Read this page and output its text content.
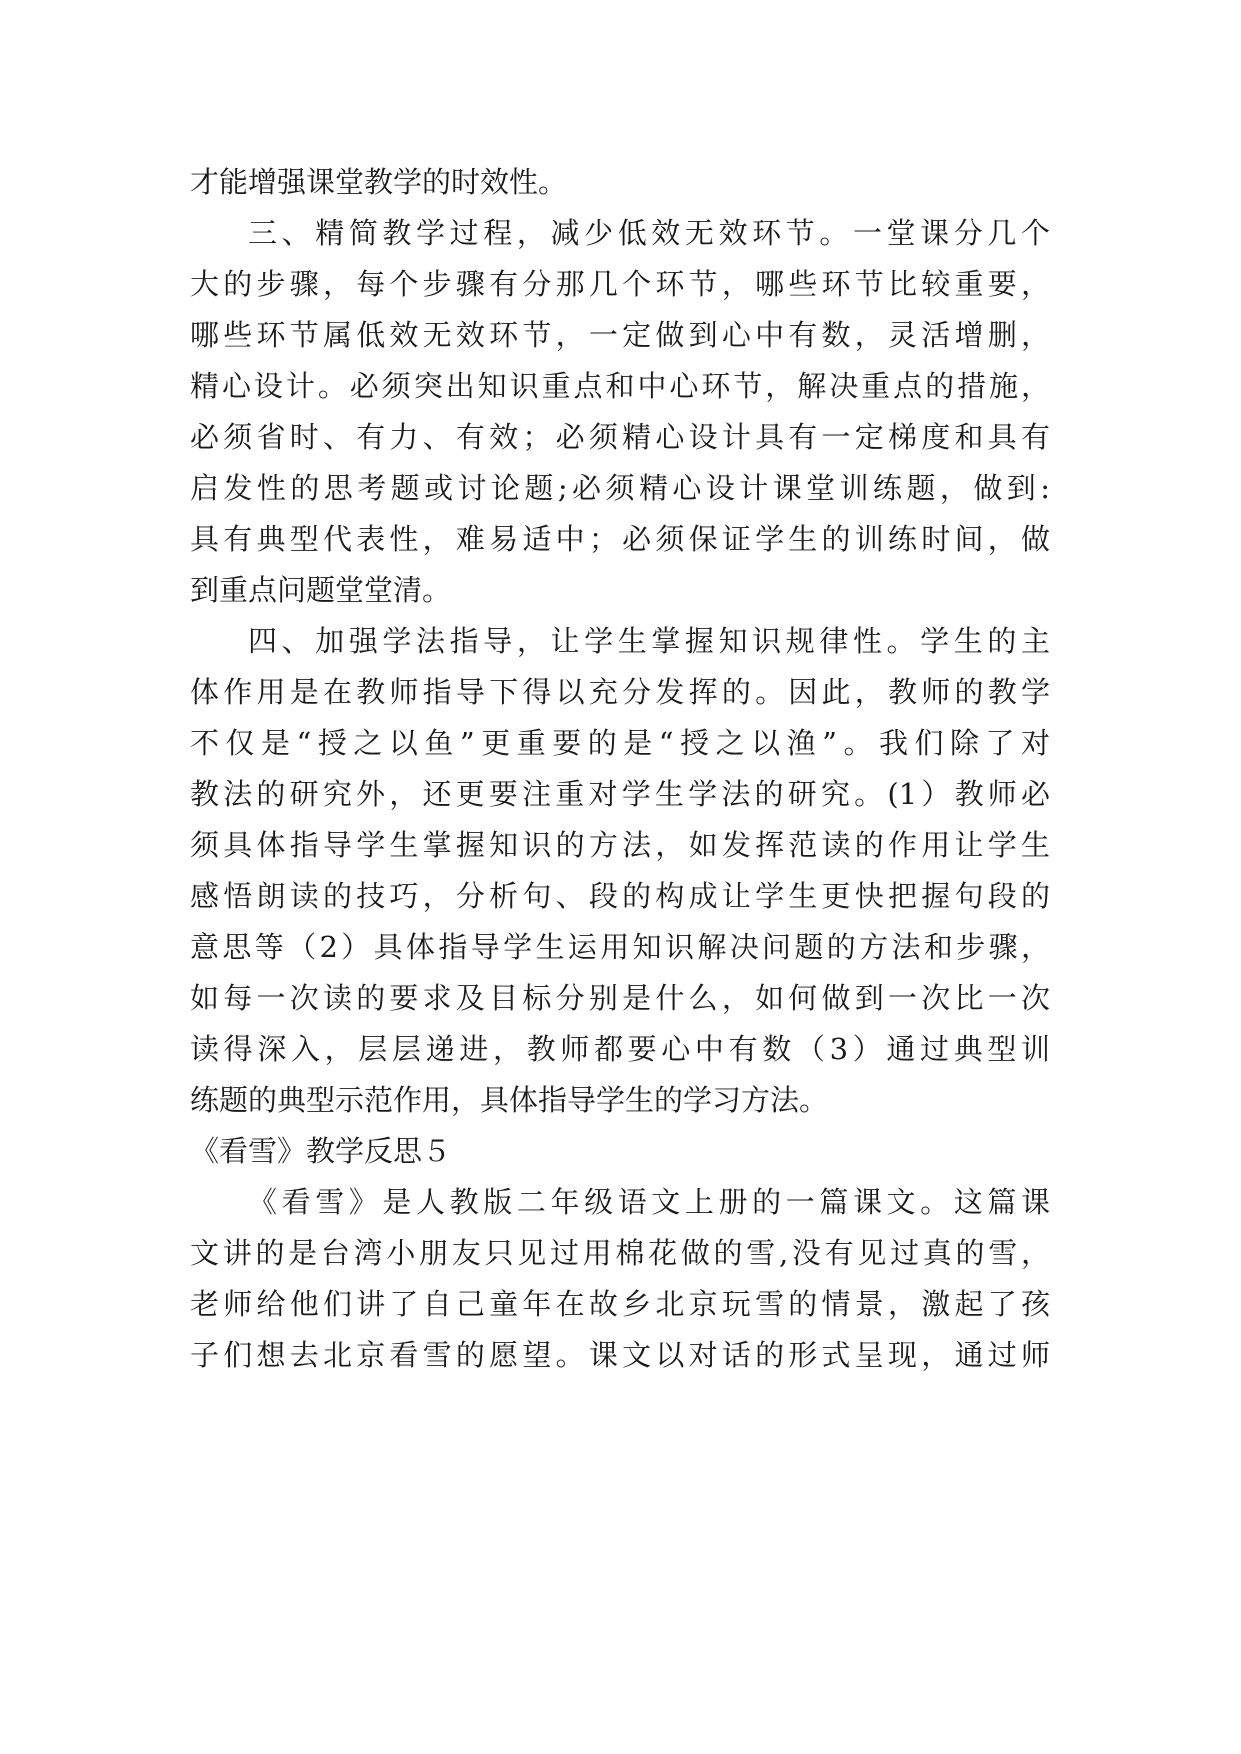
才能增强课堂教学的时效性。
三、精简教学过程，减少低效无效环节。一堂课分几个
大的步骤，每个步骤有分那几个环节，哪些环节比较重要，
哪些环节属低效无效环节，一定做到心中有数，灵活增删，
精心设计。必须突出知识重点和中心环节，解决重点的措施，
必须省时、有力、有效；必须精心设计具有一定梯度和具有
启发性的思考题或讨论题;必须精心设计课堂训练题，做到:
具有典型代表性，难易适中；必须保证学生的训练时间，做
到重点问题堂堂清。
四、加强学法指导，让学生掌握知识规律性。学生的主
体作用是在教师指导下得以充分发挥的。因此，教师的教学
不仅是“授之以鱼”更重要的是“授之以渔”。我们除了对
教法的研究外，还更要注重对学生学法的研究。(1）教师必
须具体指导学生掌握知识的方法，如发挥范读的作用让学生
感悟朗读的技巧，分析句、段的构成让学生更快把握句段的
意思等（2）具体指导学生运用知识解决问题的方法和步骤，
如每一次读的要求及目标分别是什么，如何做到一次比一次
读得深入，层层递进，教师都要心中有数（3）通过典型训
练题的典型示范作用，具体指导学生的学习方法。
《看雪》教学反思５
《看雪》是人教版二年级语文上册的一篇课文。这篇课
文讲的是台湾小朋友只见过用棉花做的雪,没有见过真的雪，
老师给他们讲了自己童年在故乡北京玩雪的情景，激起了孩
子们想去北京看雪的愿望。课文以对话的形式呈现，通过师
